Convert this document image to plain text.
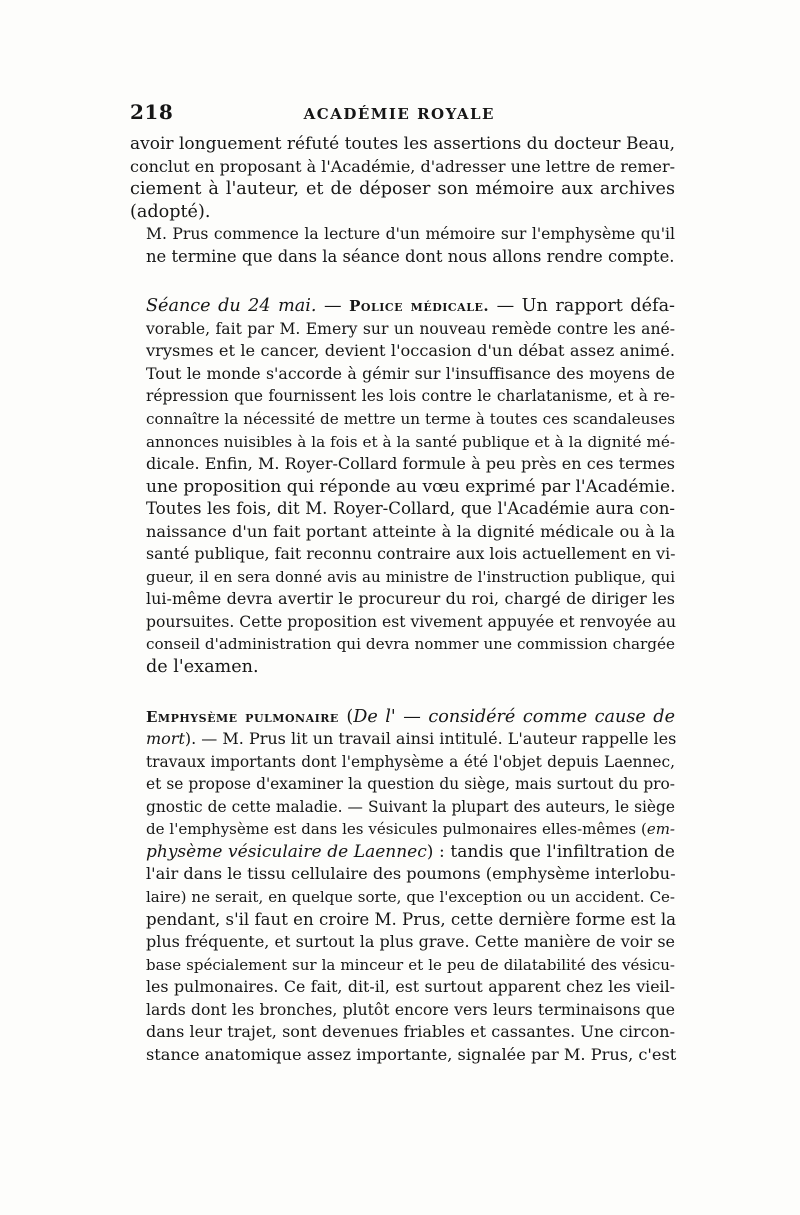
218	ACADÉMIE ROYALE

avoir longuement réfuté toutes les assertions du docteur Beau,
conclut en proposant à l'Académie, d'adresser une lettre de remer-
ciement à l'auteur, et de déposer son mémoire aux archives
(adopté).

M. Prus commence la lecture d'un mémoire sur l'emphysème qu'il
ne termine que dans la séance dont nous allons rendre compte.

Séance du 24 mai. — Police médicale. — Un rapport défa-
vorable, fait par M. Emery sur un nouveau remède contre les ané-
vrysmes et le cancer, devient l'occasion d'un débat assez animé.
Tout le monde s'accorde à gémir sur l'insuffisance des moyens de
répression que fournissent les lois contre le charlatanisme, et à re-
connaître la nécessité de mettre un terme à toutes ces scandaleuses
annonces nuisibles à la fois et à la santé publique et à la dignité mé-
dicale. Enfin, M. Royer-Collard formule à peu près en ces termes
une proposition qui réponde au vœu exprimé par l'Académie.
Toutes les fois, dit M. Royer-Collard, que l'Académie aura con-
naissance d'un fait portant atteinte à la dignité médicale ou à la
santé publique, fait reconnu contraire aux lois actuellement en vi-
gueur, il en sera donné avis au ministre de l'instruction publique, qui
lui-même devra avertir le procureur du roi, chargé de diriger les
poursuites. Cette proposition est vivement appuyée et renvoyée au
conseil d'administration qui devra nommer une commission chargée
de l'examen.

Emphysème pulmonaire (De l' — considéré comme cause de
mort). — M. Prus lit un travail ainsi intitulé. L'auteur rappelle les
travaux importants dont l'emphysème a été l'objet depuis Laennec,
et se propose d'examiner la question du siège, mais surtout du pro-
gnostic de cette maladie. — Suivant la plupart des auteurs, le siège
de l'emphysème est dans les vésicules pulmonaires elles-mêmes (em-
physème vésiculaire de Laennec) : tandis que l'infiltration de
l'air dans le tissu cellulaire des poumons (emphysème interlobu-
laire) ne serait, en quelque sorte, que l'exception ou un accident. Ce-
pendant, s'il faut en croire M. Prus, cette dernière forme est la
plus fréquente, et surtout la plus grave. Cette manière de voir se
base spécialement sur la minceur et le peu de dilatabilité des vésicu-
les pulmonaires. Ce fait, dit-il, est surtout apparent chez les vieil-
lards dont les bronches, plutôt encore vers leurs terminaisons que
dans leur trajet, sont devenues friables et cassantes. Une circon-
stance anatomique assez importante, signalée par M. Prus, c'est
